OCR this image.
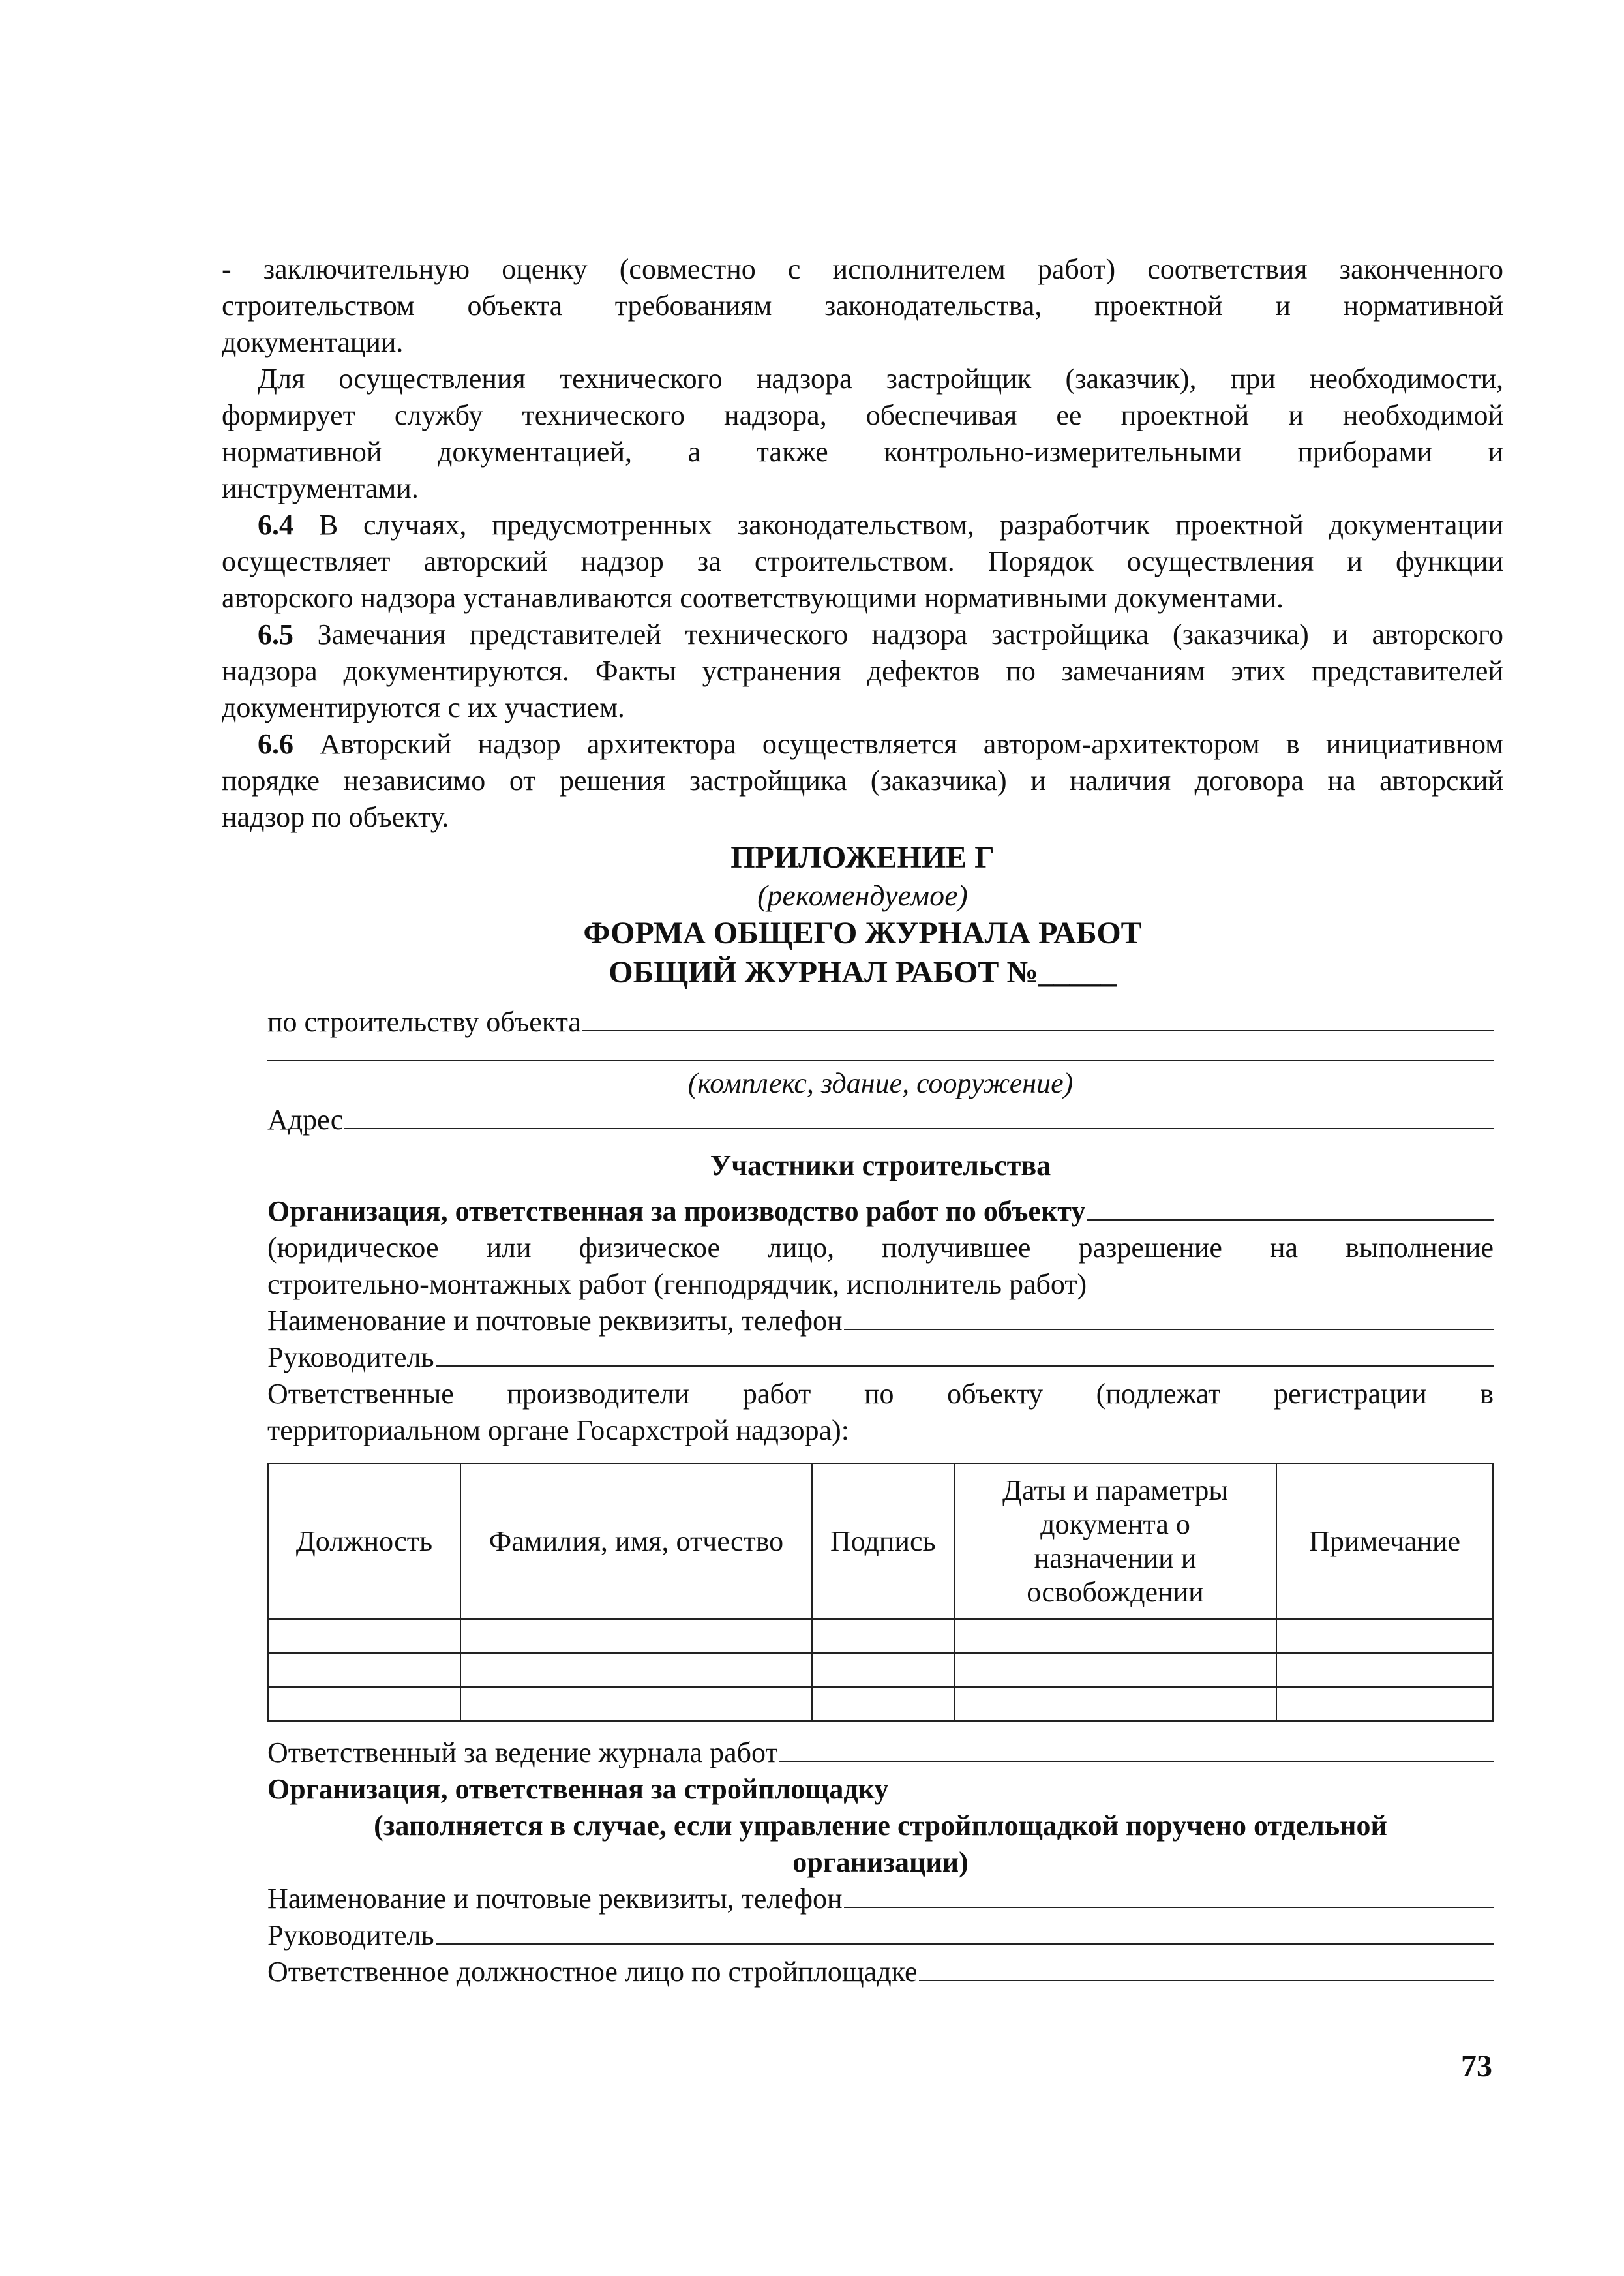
- заключительную оценку (совместно с исполнителем работ) соответствия законченного

строительством объекта требованиям законодательства, проектной и нормативной

документации.

Для осуществления технического надзора застройщик (заказчик), при необходимости,

формирует службу технического надзора, обеспечивая ее проектной и необходимой

нормативной документацией, а также контрольно-измерительными приборами и

инструментами.

6.4 В случаях, предусмотренных законодательством, разработчик проектной документации

осуществляет авторский надзор за строительством. Порядок осуществления и функции

авторского надзора устанавливаются соответствующими нормативными документами.

6.5 Замечания представителей технического надзора застройщика (заказчика) и авторского

надзора документируются. Факты устранения дефектов по замечаниям этих представителей

документируются с их участием.

6.6 Авторский надзор архитектора осуществляется автором-архитектором в инициативном

порядке независимо от решения застройщика (заказчика) и наличия договора на авторский

надзор по объекту.

ПРИЛОЖЕНИЕ Г

(рекомендуемое)

ФОРМА ОБЩЕГО ЖУРНАЛА РАБОТ

ОБЩИЙ ЖУРНАЛ РАБОТ №_____

по строительству объекта

(комплекс, здание, сооружение)

Адрес

Участники строительства

Организация, ответственная за производство работ по объекту

(юридическое или физическое лицо, получившее разрешение на выполнение

строительно-монтажных работ (генподрядчик, исполнитель работ)

Наименование и почтовые реквизиты, телефон

Руководитель

Ответственные производители работ по объекту (подлежат регистрации в

территориальном органе Госархстрой надзора):

Должность	Фамилия, имя, отчество	Подпись	Даты и параметры документа о назначении и освобождении	Примечание

Ответственный за ведение журнала работ

Организация, ответственная за стройплощадку

(заполняется в случае, если управление стройплощадкой поручено отдельной организации)

Наименование и почтовые реквизиты, телефон

Руководитель

Ответственное должностное лицо по стройплощадке

73
